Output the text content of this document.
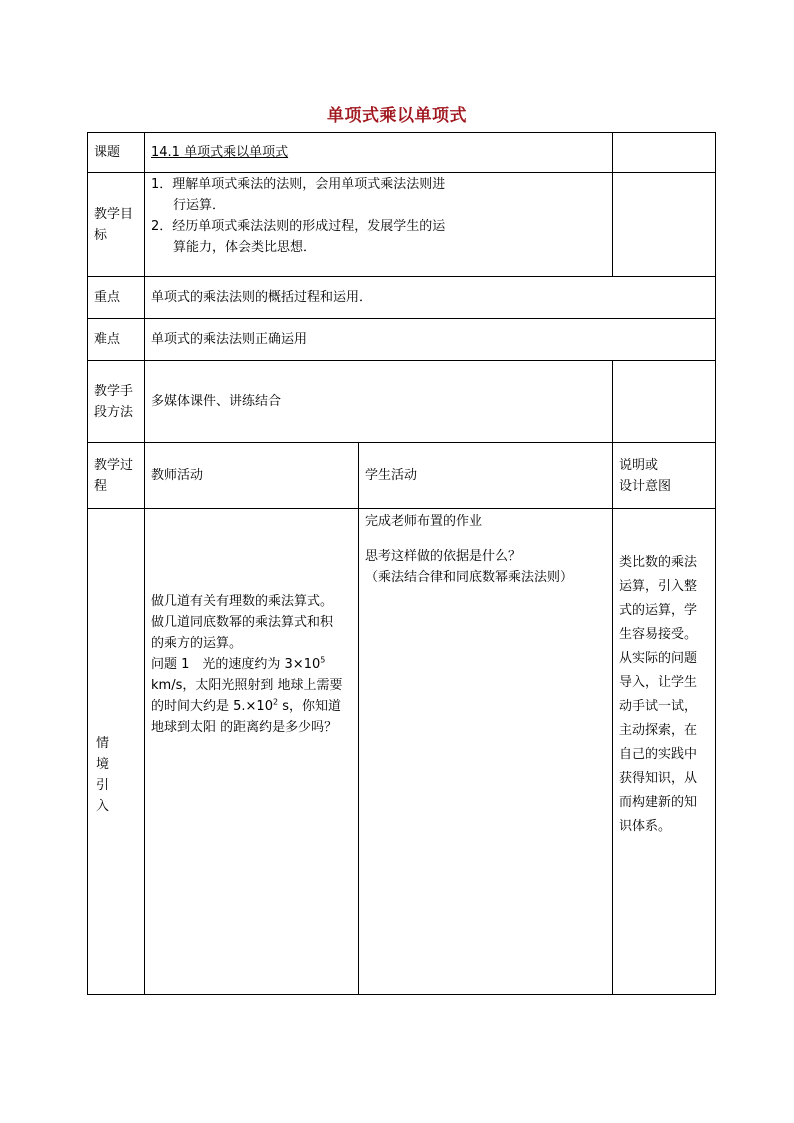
单项式乘以单项式
课题	14.1 单项式乘以单项式		
教学目标	1．理解单项式乘法的法则，会用单项式乘法法则进
行运算．
2．经历单项式乘法法则的形成过程，发展学生的运
算能力，体会类比思想．		

重点	单项式的乘法法则的概括过程和运用．		
难点	单项式的乘法法则正确运用		
教学手段方法	多媒体课件、讲练结合		
教学过程	教师活动	学生活动	说明或
设计意图

情
境
引
入	做几道有关有理数的乘法算式。
做几道同底数幂的乘法算式和积
的乘方的运算。
问题 1　光的速度约为 $3\times 10^5$ km/s，太阳光照射到 地球上需要的时间大约是 $5.\times 10^2$ s，你知道地球到太阳 的距离约是多少吗？	完成老师布置的作业
思考这样做的依据是什么？
（乘法结合律和同底数幂乘法法则）	类比数的乘法运算，引入整式的运算，学生容易接受。从实际的问题导入，让学生动手试一试，主动探索，在自己的实践中获得知识，从而构建新的知识体系。
